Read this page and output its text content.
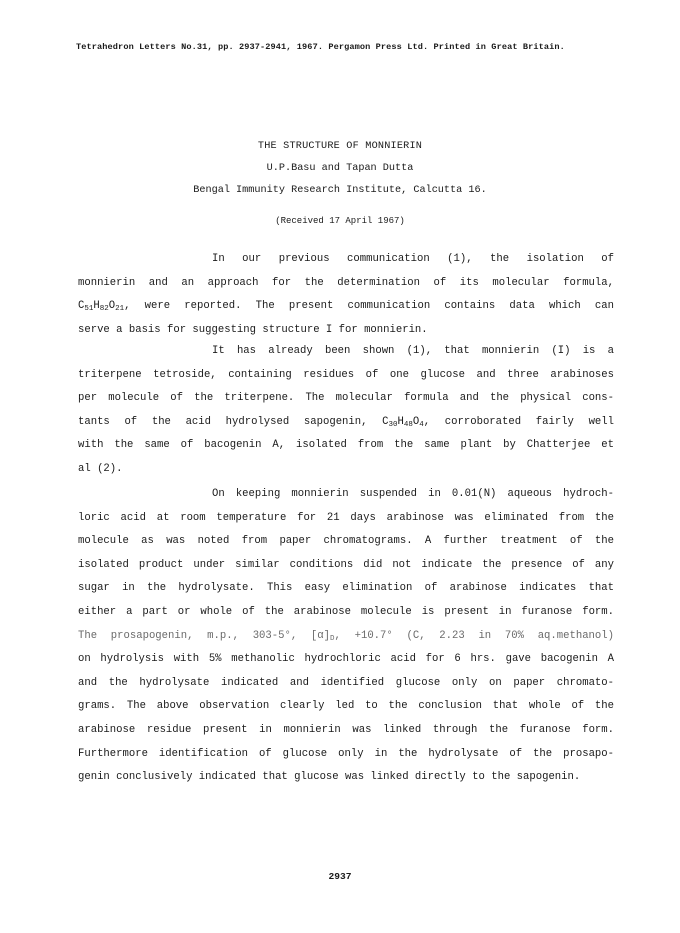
Tetrahedron Letters No.31, pp. 2937-2941, 1967. Pergamon Press Ltd. Printed in Great Britain.
THE STRUCTURE OF MONNIERIN
U.P.Basu and Tapan Dutta
Bengal Immunity Research Institute, Calcutta 16.
(Received 17 April 1967)
In our previous communication (1), the isolation of
monnierin and an approach for the determination of its molecular formula,
$C_{51}H_{82}O_{21}$, were reported. The present communication contains data which can
serve a basis for suggesting structure I for monnierin.
It has already been shown (1), that monnierin (I) is a
triterpene tetroside, containing residues of one glucose and three arabinoses
per molecule of the triterpene. The molecular formula and the physical cons-
tants of the acid hydrolysed sapogenin, $C_{30}H_{48}O_4$, corroborated fairly well
with the same of bacogenin A, isolated from the same plant by Chatterjee et
al (2).
On keeping monnierin suspended in 0.01(N) aqueous hydroch-
loric acid at room temperature for 21 days arabinose was eliminated from the
molecule as was noted from paper chromatograms. A further treatment of the
isolated product under similar conditions did not indicate the presence of any
sugar in the hydrolysate. This easy elimination of arabinose indicates that
either a part or whole of the arabinose molecule is present in furanose form.
The prosapogenin, m.p., 303-5°, $[\alpha]_D$, +10.7° (C, 2.23 in 70% aq.methanol)
on hydrolysis with 5% methanolic hydrochloric acid for 6 hrs. gave bacogenin A
and the hydrolysate indicated and identified glucose only on paper chromato-
grams. The above observation clearly led to the conclusion that whole of the
arabinose residue present in monnierin was linked through the furanose form.
Furthermore identification of glucose only in the hydrolysate of the prosapo-
genin conclusively indicated that glucose was linked directly to the sapogenin.
2937
